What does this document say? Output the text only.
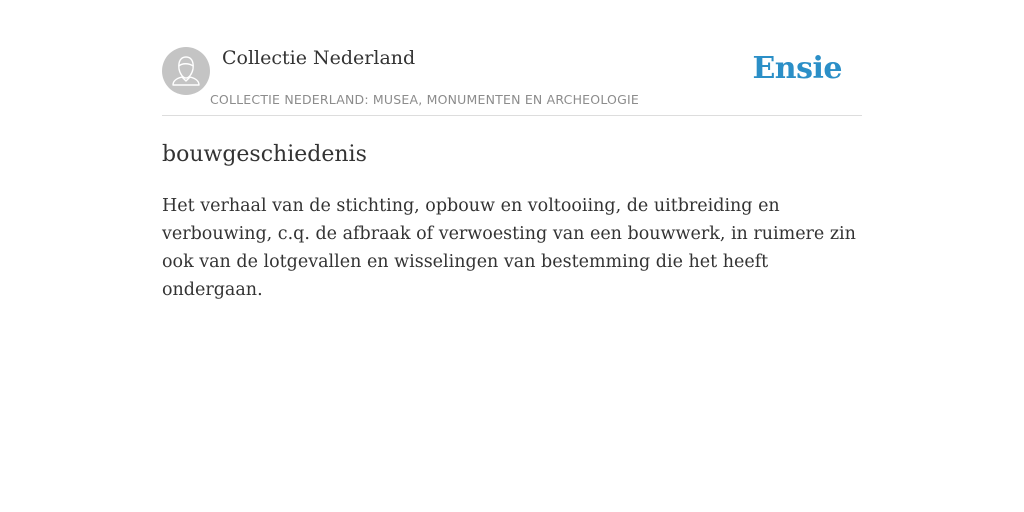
Collectie Nederland
COLLECTIE NEDERLAND: MUSEA, MONUMENTEN EN ARCHEOLOGIE
Ensie
bouwgeschiedenis
Het verhaal van de stichting, opbouw en voltooiing, de uitbreiding en verbouwing, c.q. de afbraak of verwoesting van een bouwwerk, in ruimere zin ook van de lotgevallen en wisselingen van bestemming die het heeft ondergaan.
